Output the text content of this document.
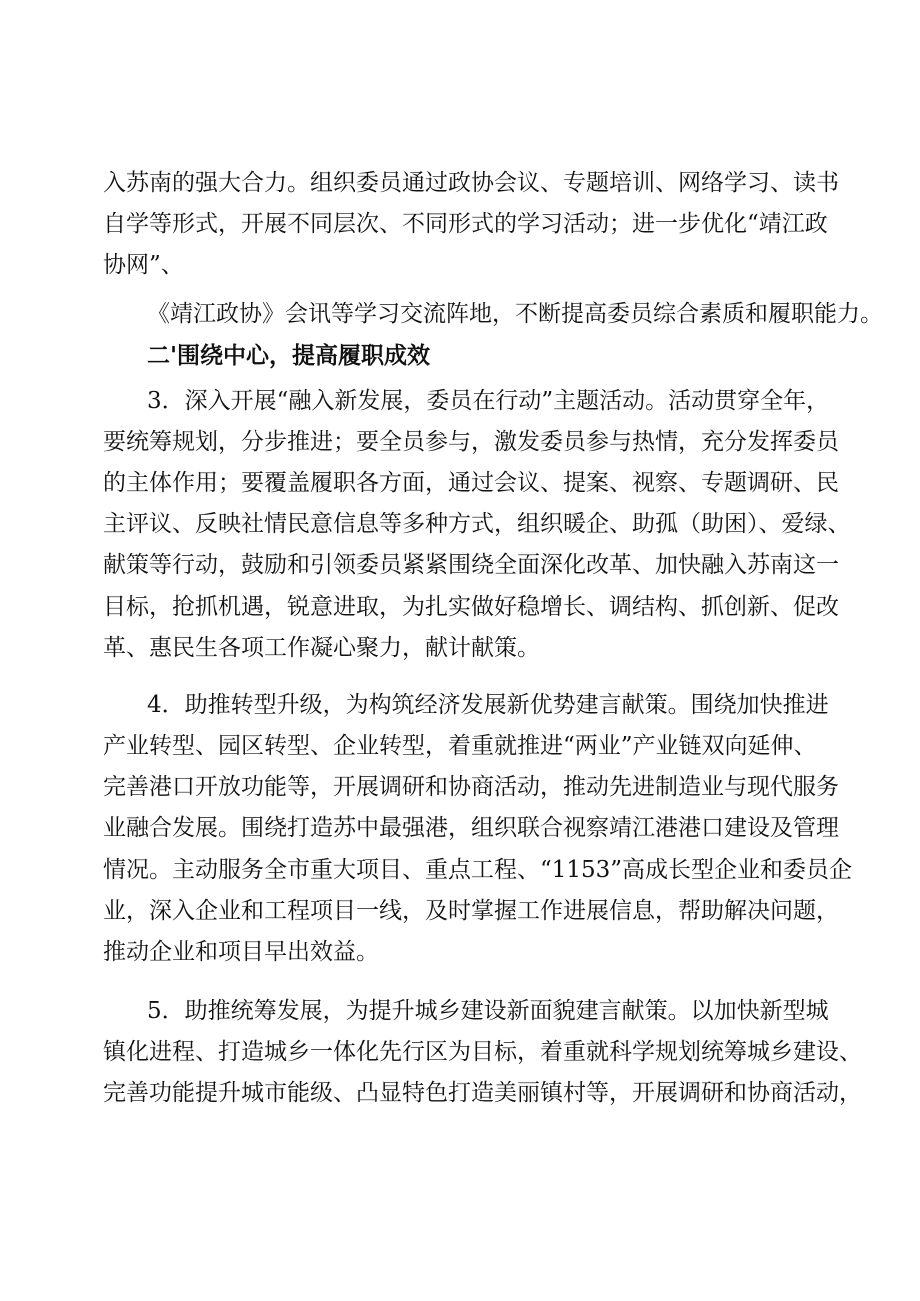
入苏南的强大合力。组织委员通过政协会议、专题培训、网络学习、读书
自学等形式，开展不同层次、不同形式的学习活动；进一步优化“靖江政
协网”、
《靖江政协》会讯等学习交流阵地，不断提高委员综合素质和履职能力。
二'围绕中心，提高履职成效
3．深入开展“融入新发展，委员在行动”主题活动。活动贯穿全年，
要统筹规划，分步推进；要全员参与，激发委员参与热情，充分发挥委员
的主体作用；要覆盖履职各方面，通过会议、提案、视察、专题调研、民
主评议、反映社情民意信息等多种方式，组织暖企、助孤（助困）、爱绿、
献策等行动，鼓励和引领委员紧紧围绕全面深化改革、加快融入苏南这一
目标，抢抓机遇，锐意进取，为扎实做好稳增长、调结构、抓创新、促改
革、惠民生各项工作凝心聚力，献计献策。
4．助推转型升级，为构筑经济发展新优势建言献策。围绕加快推进
产业转型、园区转型、企业转型，着重就推进“两业”产业链双向延伸、
完善港口开放功能等，开展调研和协商活动，推动先进制造业与现代服务
业融合发展。围绕打造苏中最强港，组织联合视察靖江港港口建设及管理
情况。主动服务全市重大项目、重点工程、“1153”高成长型企业和委员企
业，深入企业和工程项目一线，及时掌握工作进展信息，帮助解决问题，
推动企业和项目早出效益。
5．助推统筹发展，为提升城乡建设新面貌建言献策。以加快新型城
镇化进程、打造城乡一体化先行区为目标，着重就科学规划统筹城乡建设、
完善功能提升城市能级、凸显特色打造美丽镇村等，开展调研和协商活动，
